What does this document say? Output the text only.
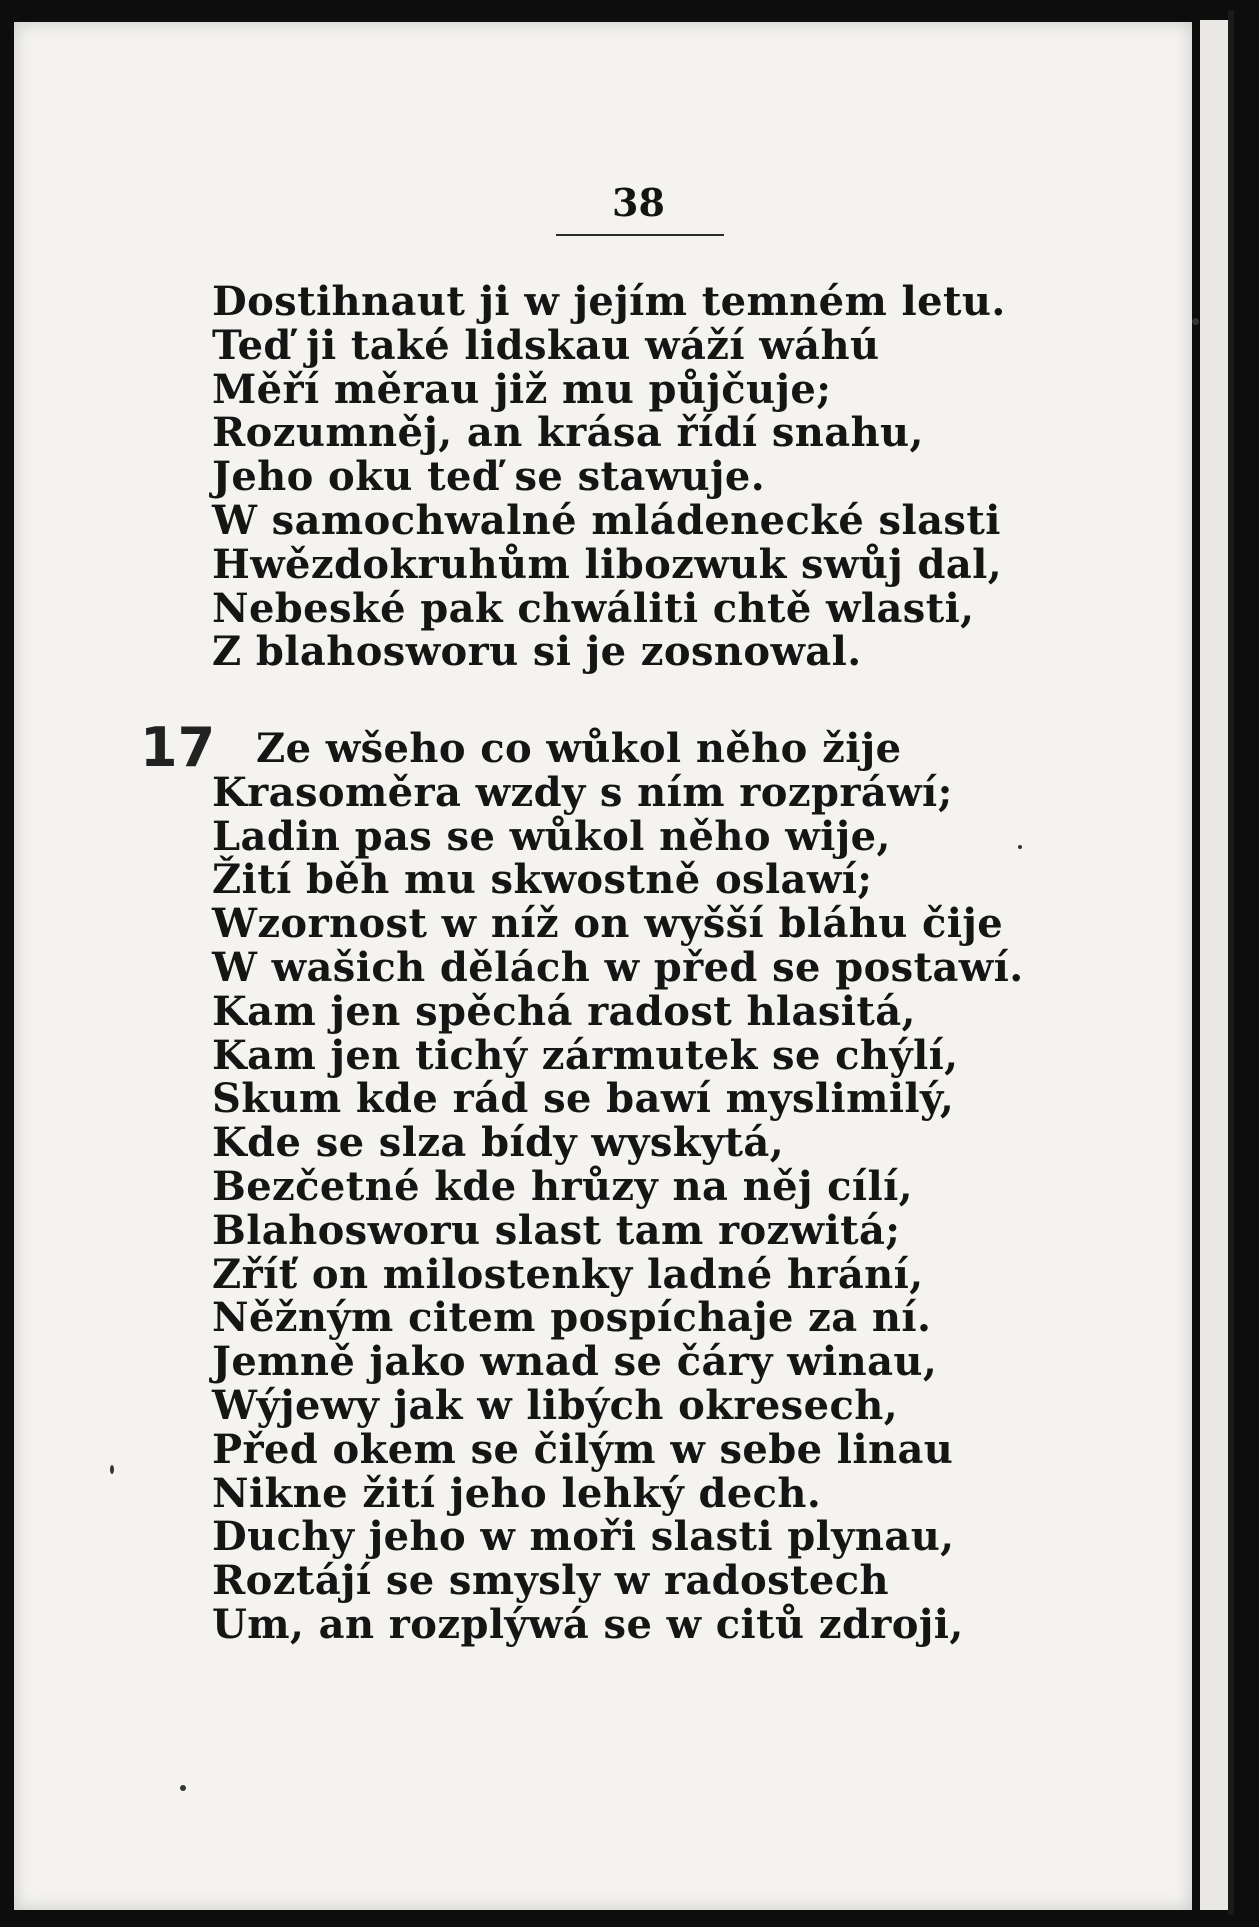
38
17
Dostihnaut ji w jejím temném letu.
Teď ji také lidskau wáží wáhú
Měří měrau již mu půjčuje;
Rozumněj, an krása řídí snahu,
Jeho oku teď se stawuje.
W samochwalné mládenecké slasti
Hwězdokruhům libozwuk swůj dal,
Nebeské pak chwáliti chtě wlasti,
Z blahosworu si je zosnowal.
Ze wšeho co wůkol něho žije
Krasoměra wzdy s ním rozpráwí;
Ladin pas se wůkol něho wije,
Žití běh mu skwostně oslawí;
Wzornost w níž on wyšší bláhu čije
W wašich dělách w před se postawí.
Kam jen spěchá radost hlasitá,
Kam jen tichý zármutek se chýlí,
Skum kde rád se bawí myslimilý,
Kde se slza bídy wyskytá,
Bezčetné kde hrůzy na něj cílí,
Blahosworu slast tam rozwitá;
Zříť on milostenky ladné hrání,
Něžným citem pospíchaje za ní.
Jemně jako wnad se čáry winau,
Wýjewy jak w libých okresech,
Před okem se čilým w sebe linau
Nikne žití jeho lehký dech.
Duchy jeho w moři slasti plynau,
Roztájí se smysly w radostech
Um, an rozplýwá se w citů zdroji,
